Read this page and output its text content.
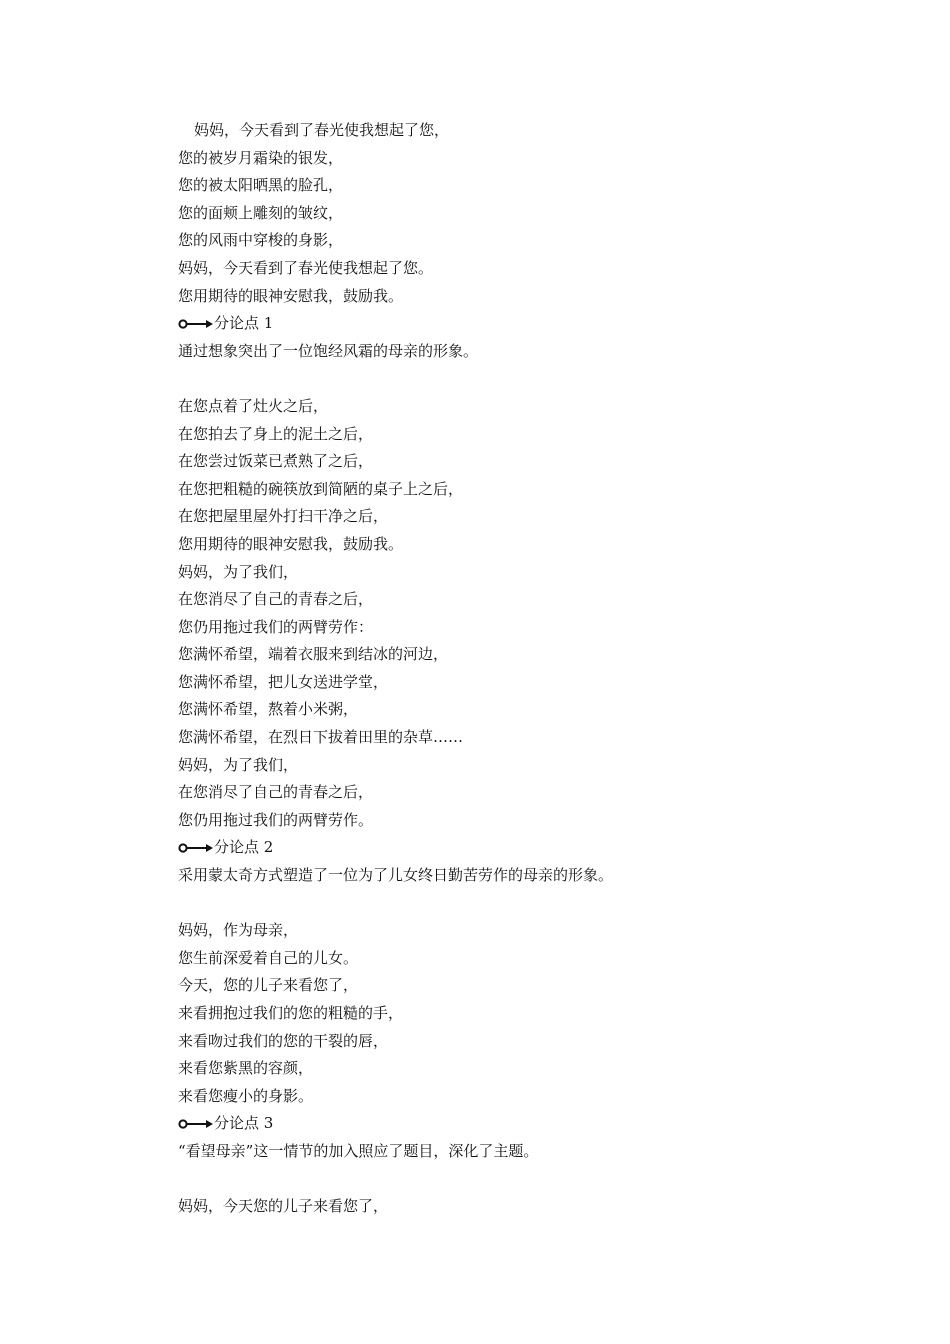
妈妈，今天看到了春光使我想起了您，
您的被岁月霜染的银发，
您的被太阳晒黑的脸孔，
您的面颊上雕刻的皱纹，
您的风雨中穿梭的身影，
妈妈，今天看到了春光使我想起了您。
您用期待的眼神安慰我，鼓励我。
分论点 1
通过想象突出了一位饱经风霜的母亲的形象。
在您点着了灶火之后，
在您拍去了身上的泥土之后，
在您尝过饭菜已煮熟了之后，
在您把粗糙的碗筷放到简陋的桌子上之后，
在您把屋里屋外打扫干净之后，
您用期待的眼神安慰我，鼓励我。
妈妈，为了我们，
在您消尽了自己的青春之后，
您仍用拖过我们的两臂劳作：
您满怀希望，端着衣服来到结冰的河边，
您满怀希望，把儿女送进学堂，
您满怀希望，熬着小米粥，
您满怀希望，在烈日下拔着田里的杂草……
妈妈，为了我们，
在您消尽了自己的青春之后，
您仍用拖过我们的两臂劳作。
分论点 2
采用蒙太奇方式塑造了一位为了儿女终日勤苦劳作的母亲的形象。
妈妈，作为母亲，
您生前深爱着自己的儿女。
今天，您的儿子来看您了，
来看拥抱过我们的您的粗糙的手，
来看吻过我们的您的干裂的唇，
来看您紫黑的容颜，
来看您瘦小的身影。
分论点 3
“看望母亲”这一情节的加入照应了题目，深化了主题。
妈妈，今天您的儿子来看您了，
